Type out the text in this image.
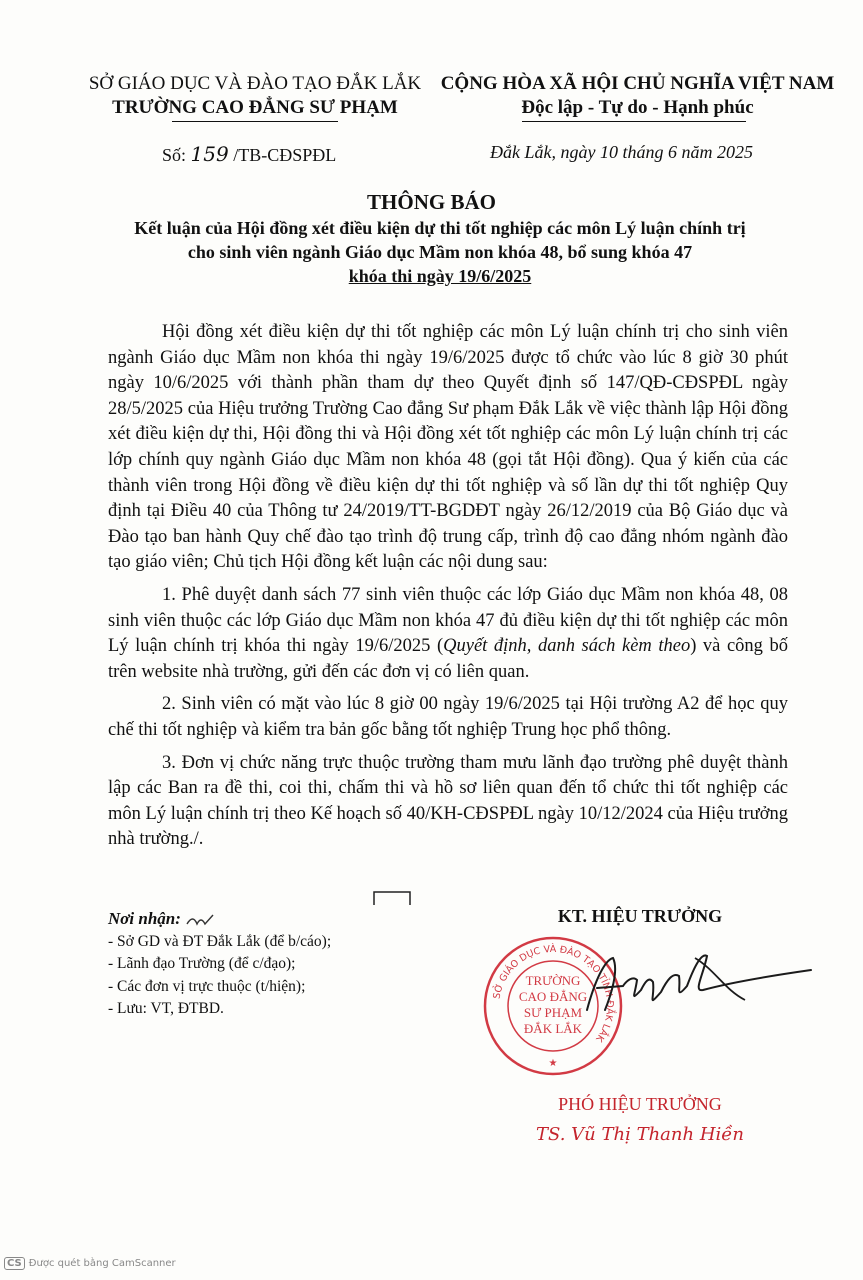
SỞ GIÁO DỤC VÀ ĐÀO TẠO ĐẮK LẮK
TRƯỜNG CAO ĐẲNG SƯ PHẠM
CỘNG HÒA XÃ HỘI CHỦ NGHĨA VIỆT NAM
Độc lập - Tự do - Hạnh phúc
Số: 159 /TB-CĐSPĐL	Đắk Lắk, ngày 10 tháng 6 năm 2025
THÔNG BÁO
Kết luận của Hội đồng xét điều kiện dự thi tốt nghiệp các môn Lý luận chính trị
cho sinh viên ngành Giáo dục Mầm non khóa 48, bổ sung khóa 47
khóa thi ngày 19/6/2025

Hội đồng xét điều kiện dự thi tốt nghiệp các môn Lý luận chính trị cho sinh viên ngành Giáo dục Mầm non khóa thi ngày 19/6/2025 được tổ chức vào lúc 8 giờ 30 phút ngày 10/6/2025 với thành phần tham dự theo Quyết định số 147/QĐ-CĐSPĐL ngày 28/5/2025 của Hiệu trưởng Trường Cao đẳng Sư phạm Đắk Lắk về việc thành lập Hội đồng xét điều kiện dự thi, Hội đồng thi và Hội đồng xét tốt nghiệp các môn Lý luận chính trị các lớp chính quy ngành Giáo dục Mầm non khóa 48 (gọi tắt Hội đồng). Qua ý kiến của các thành viên trong Hội đồng về điều kiện dự thi tốt nghiệp và số lần dự thi tốt nghiệp Quy định tại Điều 40 của Thông tư 24/2019/TT-BGDĐT ngày 26/12/2019 của Bộ Giáo dục và Đào tạo ban hành Quy chế đào tạo trình độ trung cấp, trình độ cao đẳng nhóm ngành đào tạo giáo viên; Chủ tịch Hội đồng kết luận các nội dung sau:

1. Phê duyệt danh sách 77 sinh viên thuộc các lớp Giáo dục Mầm non khóa 48, 08 sinh viên thuộc các lớp Giáo dục Mầm non khóa 47 đủ điều kiện dự thi tốt nghiệp các môn Lý luận chính trị khóa thi ngày 19/6/2025 (Quyết định, danh sách kèm theo) và công bố trên website nhà trường, gửi đến các đơn vị có liên quan.

2. Sinh viên có mặt vào lúc 8 giờ 00 ngày 19/6/2025 tại Hội trường A2 để học quy chế thi tốt nghiệp và kiểm tra bản gốc bằng tốt nghiệp Trung học phổ thông.

3. Đơn vị chức năng trực thuộc trường tham mưu lãnh đạo trường phê duyệt thành lập các Ban ra đề thi, coi thi, chấm thi và hồ sơ liên quan đến tổ chức thi tốt nghiệp các môn Lý luận chính trị theo Kế hoạch số 40/KH-CĐSPĐL ngày 10/12/2024 của Hiệu trưởng nhà trường./.

Nơi nhận:
- Sở GD và ĐT Đắk Lắk (để b/cáo);
- Lãnh đạo Trường (để c/đạo);
- Các đơn vị trực thuộc (t/hiện);
- Lưu: VT, ĐTBD.
KT. HIỆU TRƯỞNG
SỞ GIÁO DỤC VÀ ĐÀO TẠO TỈNH ĐẮK LẮK
TRƯỜNG
CAO ĐẲNG
SƯ PHẠM
ĐẮK LẮK
★
PHÓ HIỆU TRƯỞNG
TS. Vũ Thị Thanh Hiền
CS Được quét bằng CamScanner
